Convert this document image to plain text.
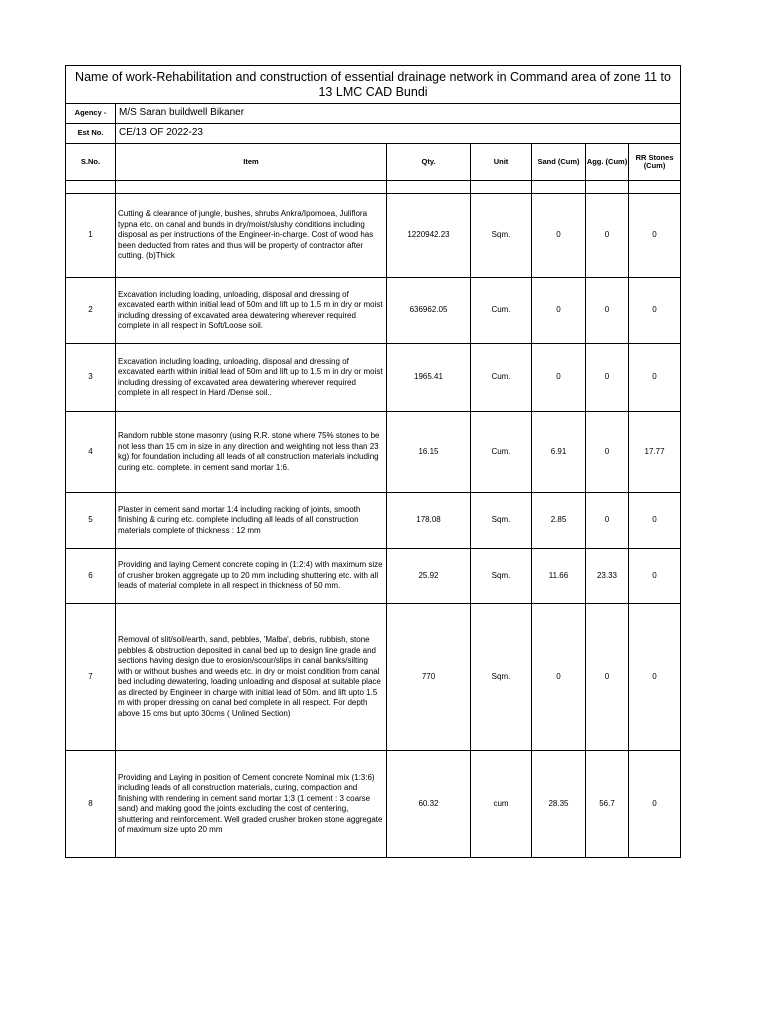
Name of work-Rehabilitation and construction of essential drainage network in Command area of zone 11 to 13 LMC CAD Bundi						
Agency -	M/S Saran buildwell Bikaner					
Est No.	CE/13 OF 2022-23					
S.No.	Item	Qty.	Unit	Sand (Cum)	Agg. (Cum)	RR Stones (Cum)

1	Cutting & clearance of jungle, bushes, shrubs Ankra/Ipomoea, Juliflora typna etc. on canal and bunds in dry/moist/slushy conditions including disposal as per instructions of the Engineer-in-charge. Cost of wood has been deducted from rates and thus will be property of contractor after cutting. (b)Thick	1220942.23	Sqm.	0	0	0
2	Excavation including loading, unloading, disposal and dressing of excavated earth within initial lead of 50m and lift up to 1.5 m in dry or moist including dressing of excavated area dewatering wherever required complete in all respect in Soft/Loose soil.	636962.05	Cum.	0	0	0
3	Excavation including loading, unloading, disposal and dressing of excavated earth within initial lead of 50m and lift up to 1.5 m in dry or moist including dressing of excavated area dewatering wherever required complete in all respect in Hard /Dense soil..	1965.41	Cum.	0	0	0
4	Random rubble stone masonry (using R.R. stone where 75% stones to be not less than 15 cm in size in any direction and weighting not less than 23 kg) for foundation including all leads of all construction materials including curing etc. complete. in cement sand mortar 1:6.	16.15	Cum.	6.91	0	17.77
5	Plaster in cement sand mortar 1:4 including racking of joints, smooth finishing & curing etc. complete including all leads of all construction materials complete of thickness : 12 mm	178.08	Sqm.	2.85	0	0
6	Providing and laying Cement concrete coping in (1:2:4) with maximum size of crusher broken aggregate up to 20 mm including shuttering etc. with all leads of material complete in all respect in thickness of 50 mm.	25.92	Sqm.	11.66	23.33	0
7	Removal of slit/soil/earth, sand, pebbles, 'Malba', debris, rubbish, stone pebbles & obstruction deposited in canal bed up to design line grade and sections having design due to erosion/scour/slips in canal banks/silting with or without bushes and weeds etc. in dry or moist condition from canal bed including dewatering, loading unloading and disposal at suitable place as directed by Engineer in charge with initial lead of 50m. and lift upto 1.5 m with proper dressing on canal bed complete in all respect. For depth above 15 cms but upto 30cms ( Unlined Section)	770	Sqm.	0	0	0
8	Providing and Laying in position of Cement concrete Nominal mix (1:3:6) including leads of all construction materials, curing, compaction and finishing with rendering in cement sand mortar 1:3 (1 cement : 3 coarse sand) and making good the joints excluding the cost of centering, shuttering and reinforcement. Well graded crusher broken stone aggregate of maximum size upto 20 mm	60.32	cum	28.35	56.7	0
